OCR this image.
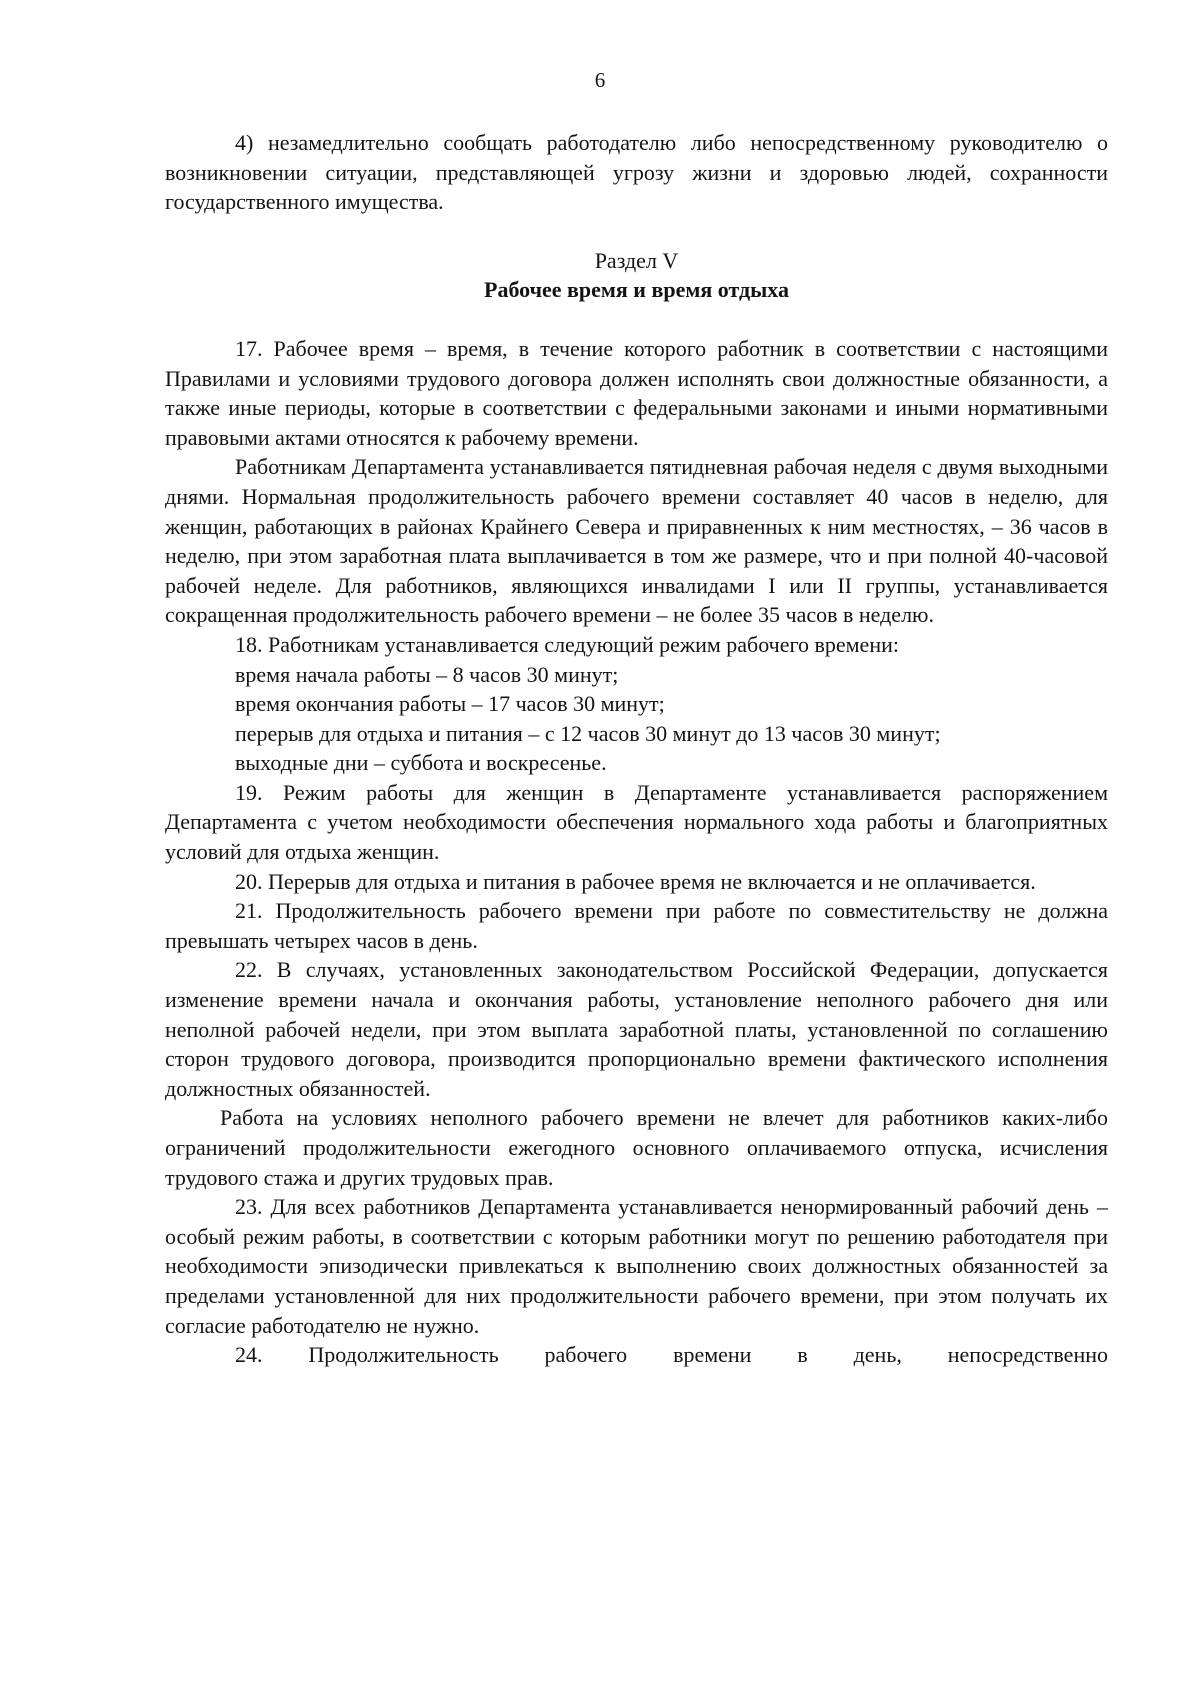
6

4) незамедлительно сообщать работодателю либо непосредственному руководителю о возникновении ситуации, представляющей угрозу жизни и здоровью людей, сохранности государственного имущества.

Раздел V
Рабочее время и время отдыха

17. Рабочее время – время, в течение которого работник в соответствии с настоящими Правилами и условиями трудового договора должен исполнять свои должностные обязанности, а также иные периоды, которые в соответствии с федеральными законами и иными нормативными правовыми актами относятся к рабочему времени.

Работникам Департамента устанавливается пятидневная рабочая неделя с двумя выходными днями. Нормальная продолжительность рабочего времени составляет 40 часов в неделю, для женщин, работающих в районах Крайнего Севера и приравненных к ним местностях, – 36 часов в неделю, при этом заработная плата выплачивается в том же размере, что и при полной 40-часовой рабочей неделе. Для работников, являющихся инвалидами I или II группы, устанавливается сокращенная продолжительность рабочего времени – не более 35 часов в неделю.

18. Работникам устанавливается следующий режим рабочего времени:

время начала работы – 8 часов 30 минут;

время окончания работы – 17 часов 30 минут;

перерыв для отдыха и питания – с 12 часов 30 минут до 13 часов 30 минут;

выходные дни – суббота и воскресенье.

19. Режим работы для женщин в Департаменте устанавливается распоряжением Департамента с учетом необходимости обеспечения нормального хода работы и благоприятных условий для отдыха женщин.

20. Перерыв для отдыха и питания в рабочее время не включается и не оплачивается.

21. Продолжительность рабочего времени при работе по совместительству не должна превышать четырех часов в день.

22. В случаях, установленных законодательством Российской Федерации, допускается изменение времени начала и окончания работы, установление неполного рабочего дня или неполной рабочей недели, при этом выплата заработной платы, установленной по соглашению сторон трудового договора, производится пропорционально времени фактического исполнения должностных обязанностей.

Работа на условиях неполного рабочего времени не влечет для работников каких-либо ограничений продолжительности ежегодного основного оплачиваемого отпуска, исчисления трудового стажа и других трудовых прав.

23. Для всех работников Департамента устанавливается ненормированный рабочий день – особый режим работы, в соответствии с которым работники могут по решению работодателя при необходимости эпизодически привлекаться к выполнению своих должностных обязанностей за пределами установленной для них продолжительности рабочего времени, при этом получать их согласие работодателю не нужно.

24. Продолжительность рабочего времени в день, непосредственно
